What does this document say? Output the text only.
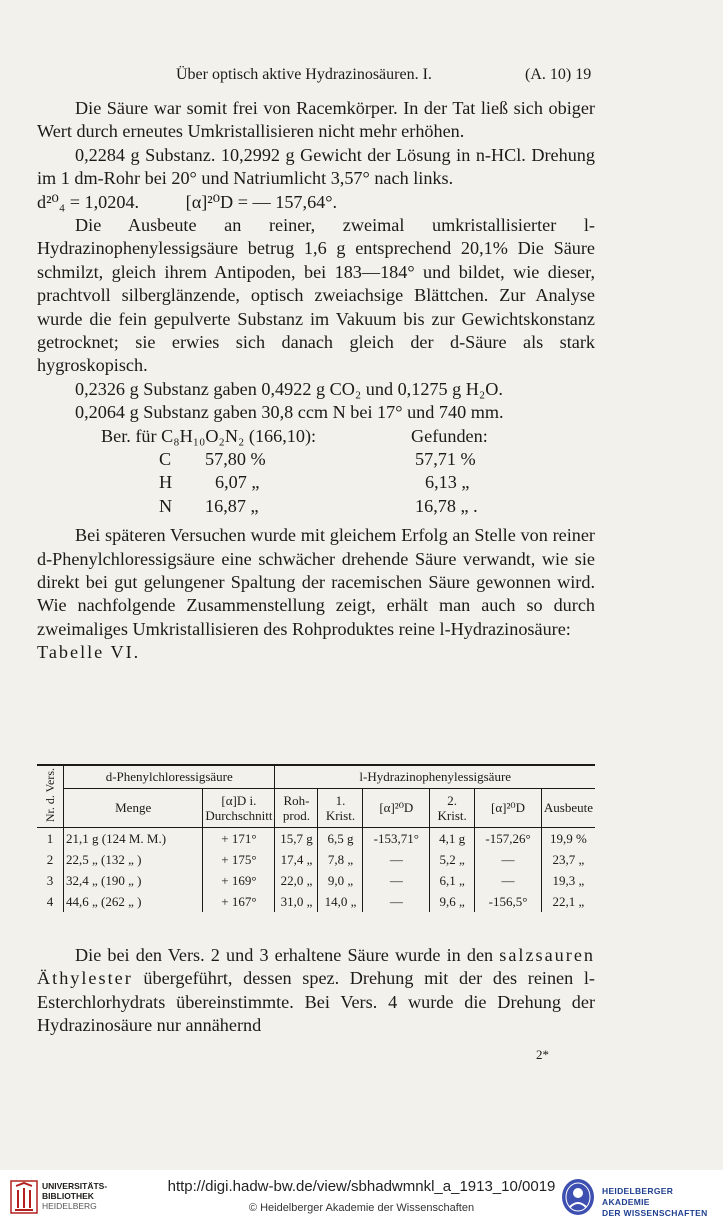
Über optisch aktive Hydrazinosäuren. I.	(A. 10) 19

Die Säure war somit frei von Racemkörper. In der Tat ließ sich obiger Wert durch erneutes Umkristallisieren nicht mehr erhöhen.

0,2284 g Substanz. 10,2992 g Gewicht der Lösung in n-HCl. Drehung im 1 dm-Rohr bei 20° und Natriumlicht 3,57° nach links.

d²⁰₄ = 1,0204.	[α]²⁰D = — 157,64°.

Die Ausbeute an reiner, zweimal umkristallisierter l-Hydrazinophenylessigsäure betrug 1,6 g entsprechend 20,1% Die Säure schmilzt, gleich ihrem Antipoden, bei 183—184° und bildet, wie dieser, prachtvoll silberglänzende, optisch zweiachsige Blättchen. Zur Analyse wurde die fein gepulverte Substanz im Vakuum bis zur Gewichtskonstanz getrocknet; sie erwies sich danach gleich der d-Säure als stark hygroskopisch.

0,2326 g Substanz gaben 0,4922 g CO₂ und 0,1275 g H₂O.

0,2064 g Substanz gaben 30,8 ccm N bei 17° und 740 mm.

Ber. für C₈H₁₀O₂N₂ (166,10):	Gefunden:
C 57,80 %	57,71 %
H 6,07 „	6,13 „
N 16,87 „	16,78 „ .

Bei späteren Versuchen wurde mit gleichem Erfolg an Stelle von reiner d-Phenylchloressigsäure eine schwächer drehende Säure verwandt, wie sie direkt bei gut gelungener Spaltung der racemischen Säure gewonnen wird. Wie nachfolgende Zusammenstellung zeigt, erhält man auch so durch zweimaliges Umkristallisieren des Rohproduktes reine l-Hydrazinosäure:

Tabelle VI.

Nr. d. Vers.	d-Phenylchloressigsäure		l-Hydrazinophenylessigsäure					
	Menge	[α]D i. Durchschnitt	Roh-prod.	1. Krist.	[α]²⁰D	2. Krist.	[α]²⁰D	Ausbeute
1	21,1 g (124 M. M.)	+ 171°	15,7 g	6,5 g	-153,71°	4,1 g	-157,26°	19,9 %
2	22,5 „ (132 „ )	+ 175°	17,4 „	7,8 „	—	5,2 „	—	23,7 „
3	32,4 „ (190 „ )	+ 169°	22,0 „	9,0 „	—	6,1 „	—	19,3 „
4	44,6 „ (262 „ )	+ 167°	31,0 „	14,0 „	—	9,6 „	-156,5°	22,1 „

Die bei den Vers. 2 und 3 erhaltene Säure wurde in den salzsauren Äthylester übergeführt, dessen spez. Drehung mit der des reinen l-Esterchlorhydrats übereinstimmte. Bei Vers. 4 wurde die Drehung der Hydrazinosäure nur annähernd

2*
UNIVERSITÄTS-
BIBLIOTHEK
HEIDELBERG
http://digi.hadw-bw.de/view/sbhadwmnkl_a_1913_10/0019
© Heidelberger Akademie der Wissenschaften
HEIDELBERGER AKADEMIE
DER WISSENSCHAFTEN
